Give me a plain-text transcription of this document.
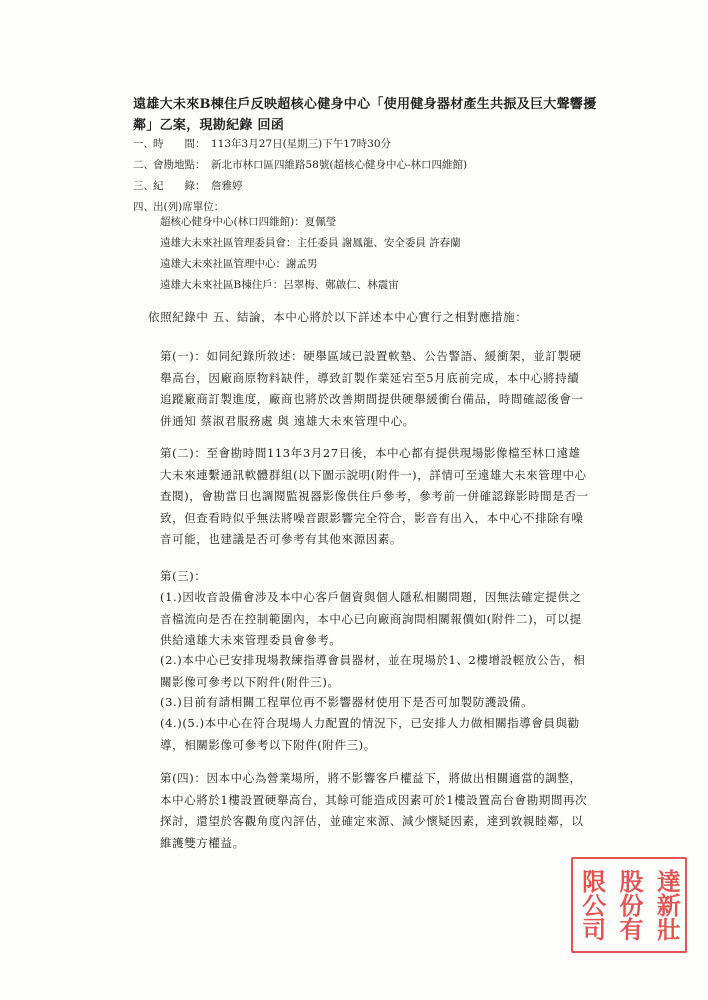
遠雄大未來B棟住戶反映超核心健身中心「使用健身器材產生共振及巨大聲響擾鄰」乙案，現勘紀錄 回函
一、時　　間： 113年3月27日(星期三)下午17時30分
二、會勘地點： 新北市林口區四維路58號(超核心健身中心-林口四維館)
三、紀　　錄： 詹雅婷
四、出(列)席單位：
超核心健身中心(林口四維館)：夏佩瑩
遠雄大未來社區管理委員會：主任委員 謝鳳龍、安全委員 許春蘭
遠雄大未來社區管理中心：謝孟男
遠雄大未來社區B棟住戶：呂翠梅、鄭啟仁、林震宙
依照紀錄中 五、結論，本中心將於以下詳述本中心實行之相對應措施：
第(一)：如同紀錄所敘述：硬舉區域已設置軟墊、公告警語、緩衝架，並訂製硬舉高台，因廠商原物料缺件，導致訂製作業延宕至5月底前完成，本中心將持續追蹤廠商訂製進度，廠商也將於改善期間提供硬舉緩衝台備品，時間確認後會一併通知 蔡淑君服務處 與 遠雄大未來管理中心。
第(二)：至會勘時間113年3月27日後，本中心都有提供現場影像檔至林口遠雄大未來連繫通訊軟體群組(以下圖示說明(附件一)，詳情可至遠雄大未來管理中心查閱)，會勘當日也調閱監視器影像供住戶參考，參考前一併確認錄影時間是否一致，但查看時似乎無法將噪音跟影響完全符合，影音有出入，本中心不排除有噪音可能，也建議是否可參考有其他來源因素。
第(三)：
(1.)因收音設備會涉及本中心客戶個資與個人隱私相關問題，因無法確定提供之音檔流向是否在控制範圍內，本中心已向廠商詢問相關報價如(附件二)，可以提供給遠雄大未來管理委員會參考。
(2.)本中心已安排現場教練指導會員器材，並在現場於1、2樓增設輕放公告，相關影像可參考以下附件(附件三)。
(3.)目前有請相關工程單位再不影響器材使用下是否可加製防護設備。
(4.)(5.)本中心在符合現場人力配置的情況下，已安排人力做相關指導會員與勸導，相關影像可參考以下附件(附件三)。
第(四)：因本中心為營業場所，將不影響客戶權益下，將做出相關適當的調整，本中心將於1樓設置硬舉高台，其餘可能造成因素可於1樓設置高台會勘期間再次探討，還望於客觀角度內評估，並確定來源、減少懷疑因素，達到敦親睦鄰，以維護雙方權益。
達新壯
股份有
限公司
